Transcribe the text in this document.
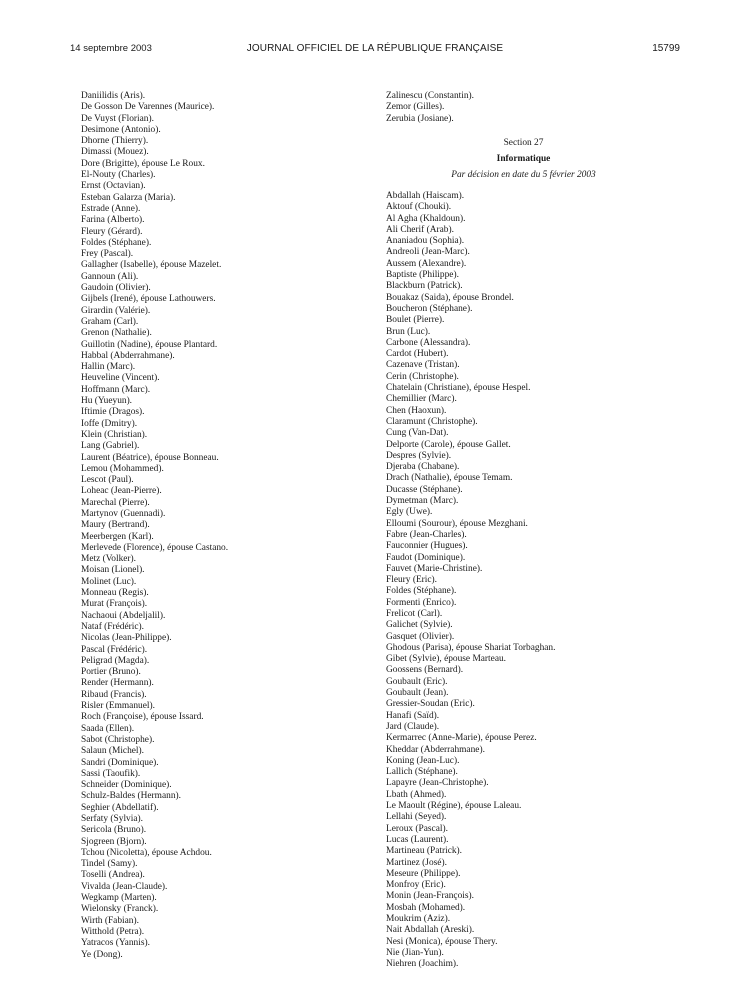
14 septembre 2003	JOURNAL OFFICIEL DE LA RÉPUBLIQUE FRANÇAISE	15799
Daniilidis (Aris).
De Gosson De Varennes (Maurice).
De Vuyst (Florian).
Desimone (Antonio).
Dhorne (Thierry).
Dimassi (Mouez).
Dore (Brigitte), épouse Le Roux.
El-Nouty (Charles).
Ernst (Octavian).
Esteban Galarza (Maria).
Estrade (Anne).
Farina (Alberto).
Fleury (Gérard).
Foldes (Stéphane).
Frey (Pascal).
Gallagher (Isabelle), épouse Mazelet.
Gannoun (Ali).
Gaudoin (Olivier).
Gijbels (Irené), épouse Lathouwers.
Girardin (Valérie).
Graham (Carl).
Grenon (Nathalie).
Guillotin (Nadine), épouse Plantard.
Habbal (Abderrahmane).
Hallin (Marc).
Heuveline (Vincent).
Hoffmann (Marc).
Hu (Yueyun).
Iftimie (Dragos).
Ioffe (Dmitry).
Klein (Christian).
Lang (Gabriel).
Laurent (Béatrice), épouse Bonneau.
Lemou (Mohammed).
Lescot (Paul).
Loheac (Jean-Pierre).
Marechal (Pierre).
Martynov (Guennadi).
Maury (Bertrand).
Meerbergen (Karl).
Merlevede (Florence), épouse Castano.
Metz (Volker).
Moisan (Lionel).
Molinet (Luc).
Monneau (Regis).
Murat (François).
Nachaoui (Abdeljalil).
Nataf (Frédéric).
Nicolas (Jean-Philippe).
Pascal (Frédéric).
Peligrad (Magda).
Portier (Bruno).
Render (Hermann).
Ribaud (Francis).
Risler (Emmanuel).
Roch (Françoise), épouse Issard.
Saada (Ellen).
Sabot (Christophe).
Salaun (Michel).
Sandri (Dominique).
Sassi (Taoufik).
Schneider (Dominique).
Schulz-Baldes (Hermann).
Seghier (Abdellatif).
Serfaty (Sylvia).
Sericola (Bruno).
Sjogreen (Bjorn).
Tchou (Nicoletta), épouse Achdou.
Tindel (Samy).
Toselli (Andrea).
Vivalda (Jean-Claude).
Wegkamp (Marten).
Wielonsky (Franck).
Wirth (Fabian).
Witthold (Petra).
Yatracos (Yannis).
Ye (Dong).
Zalinescu (Constantin).
Zemor (Gilles).
Zerubia (Josiane).
Section 27
Informatique
Par décision en date du 5 février 2003
Abdallah (Haiscam).
Aktouf (Chouki).
Al Agha (Khaldoun).
Ali Cherif (Arab).
Ananiadou (Sophia).
Andreoli (Jean-Marc).
Aussem (Alexandre).
Baptiste (Philippe).
Blackburn (Patrick).
Bouakaz (Saida), épouse Brondel.
Boucheron (Stéphane).
Boulet (Pierre).
Brun (Luc).
Carbone (Alessandra).
Cardot (Hubert).
Cazenave (Tristan).
Cerin (Christophe).
Chatelain (Christiane), épouse Hespel.
Chemillier (Marc).
Chen (Haoxun).
Claramunt (Christophe).
Cung (Van-Dat).
Delporte (Carole), épouse Gallet.
Despres (Sylvie).
Djeraba (Chabane).
Drach (Nathalie), épouse Temam.
Ducasse (Stéphane).
Dymetman (Marc).
Egly (Uwe).
Elloumi (Sourour), épouse Mezghani.
Fabre (Jean-Charles).
Fauconnier (Hugues).
Faudot (Dominique).
Fauvet (Marie-Christine).
Fleury (Eric).
Foldes (Stéphane).
Formenti (Enrico).
Frelicot (Carl).
Galichet (Sylvie).
Gasquet (Olivier).
Ghodous (Parisa), épouse Shariat Torbaghan.
Gibet (Sylvie), épouse Marteau.
Goossens (Bernard).
Goubault (Eric).
Goubault (Jean).
Gressier-Soudan (Eric).
Hanafi (Saïd).
Jard (Claude).
Kermarrec (Anne-Marie), épouse Perez.
Kheddar (Abderrahmane).
Koning (Jean-Luc).
Lallich (Stéphane).
Lapayre (Jean-Christophe).
Lbath (Ahmed).
Le Maoult (Régine), épouse Laleau.
Lellahi (Seyed).
Leroux (Pascal).
Lucas (Laurent).
Martineau (Patrick).
Martinez (José).
Meseure (Philippe).
Monfroy (Eric).
Monin (Jean-François).
Mosbah (Mohamed).
Moukrim (Aziz).
Nait Abdallah (Areski).
Nesi (Monica), épouse Thery.
Nie (Jian-Yun).
Niehren (Joachim).
